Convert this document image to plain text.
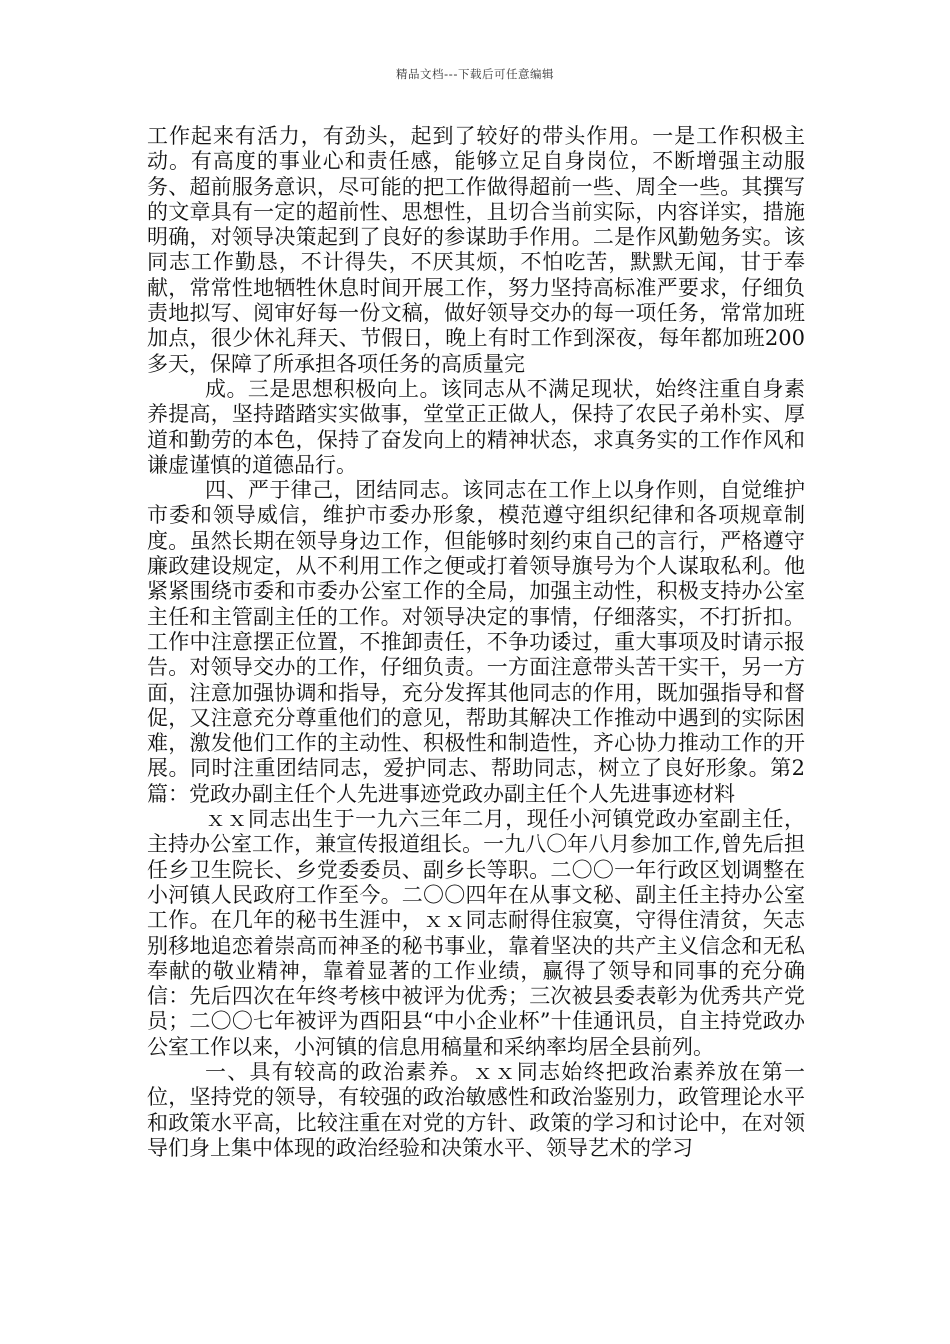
精品文档---下载后可任意编辑

工作起来有活力，有劲头，起到了较好的带头作用。一是工作积极主动。有高度的事业心和责任感，能够立足自身岗位，不断增强主动服务、超前服务意识，尽可能的把工作做得超前一些、周全一些。其撰写的文章具有一定的超前性、思想性，且切合当前实际，内容详实，措施明确，对领导决策起到了良好的参谋助手作用。二是作风勤勉务实。该同志工作勤恳，不计得失，不厌其烦，不怕吃苦，默默无闻，甘于奉献，常常性地牺牲休息时间开展工作，努力坚持高标准严要求，仔细负责地拟写、阅审好每一份文稿，做好领导交办的每一项任务，常常加班加点，很少休礼拜天、节假日，晚上有时工作到深夜，每年都加班200多天，保障了所承担各项任务的高质量完

成。三是思想积极向上。该同志从不满足现状，始终注重自身素养提高，坚持踏踏实实做事，堂堂正正做人，保持了农民子弟朴实、厚道和勤劳的本色，保持了奋发向上的精神状态，求真务实的工作作风和谦虚谨慎的道德品行。

四、严于律己，团结同志。该同志在工作上以身作则，自觉维护市委和领导威信，维护市委办形象，模范遵守组织纪律和各项规章制度。虽然长期在领导身边工作，但能够时刻约束自己的言行，严格遵守廉政建设规定，从不利用工作之便或打着领导旗号为个人谋取私利。他紧紧围绕市委和市委办公室工作的全局，加强主动性，积极支持办公室主任和主管副主任的工作。对领导决定的事情，仔细落实，不打折扣。工作中注意摆正位置，不推卸责任，不争功诿过，重大事项及时请示报告。对领导交办的工作，仔细负责。一方面注意带头苦干实干，另一方面，注意加强协调和指导，充分发挥其他同志的作用，既加强指导和督促，又注意充分尊重他们的意见，帮助其解决工作推动中遇到的实际困难，激发他们工作的主动性、积极性和制造性，齐心协力推动工作的开展。同时注重团结同志，爱护同志、帮助同志，树立了良好形象。第2篇：党政办副主任个人先进事迹党政办副主任个人先进事迹材料

ｘｘ同志出生于一九六三年二月，现任小河镇党政办室副主任，主持办公室工作，兼宣传报道组长。一九八〇年八月参加工作,曾先后担任乡卫生院长、乡党委委员、副乡长等职。二〇〇一年行政区划调整在小河镇人民政府工作至今。二〇〇四年在从事文秘、副主任主持办公室工作。在几年的秘书生涯中，ｘｘ同志耐得住寂寞，守得住清贫，矢志别移地追恋着崇高而神圣的秘书事业，靠着坚决的共产主义信念和无私奉献的敬业精神，靠着显著的工作业绩，赢得了领导和同事的充分确信：先后四次在年终考核中被评为优秀；三次被县委表彰为优秀共产党员；二〇〇七年被评为酉阳县“中小企业杯”十佳通讯员，自主持党政办公室工作以来，小河镇的信息用稿量和采纳率均居全县前列。

一、具有较高的政治素养。ｘｘ同志始终把政治素养放在第一位，坚持党的领导，有较强的政治敏感性和政治鉴别力，政管理论水平和政策水平高，比较注重在对党的方针、政策的学习和讨论中，在对领导们身上集中体现的政治经验和决策水平、领导艺术的学习
